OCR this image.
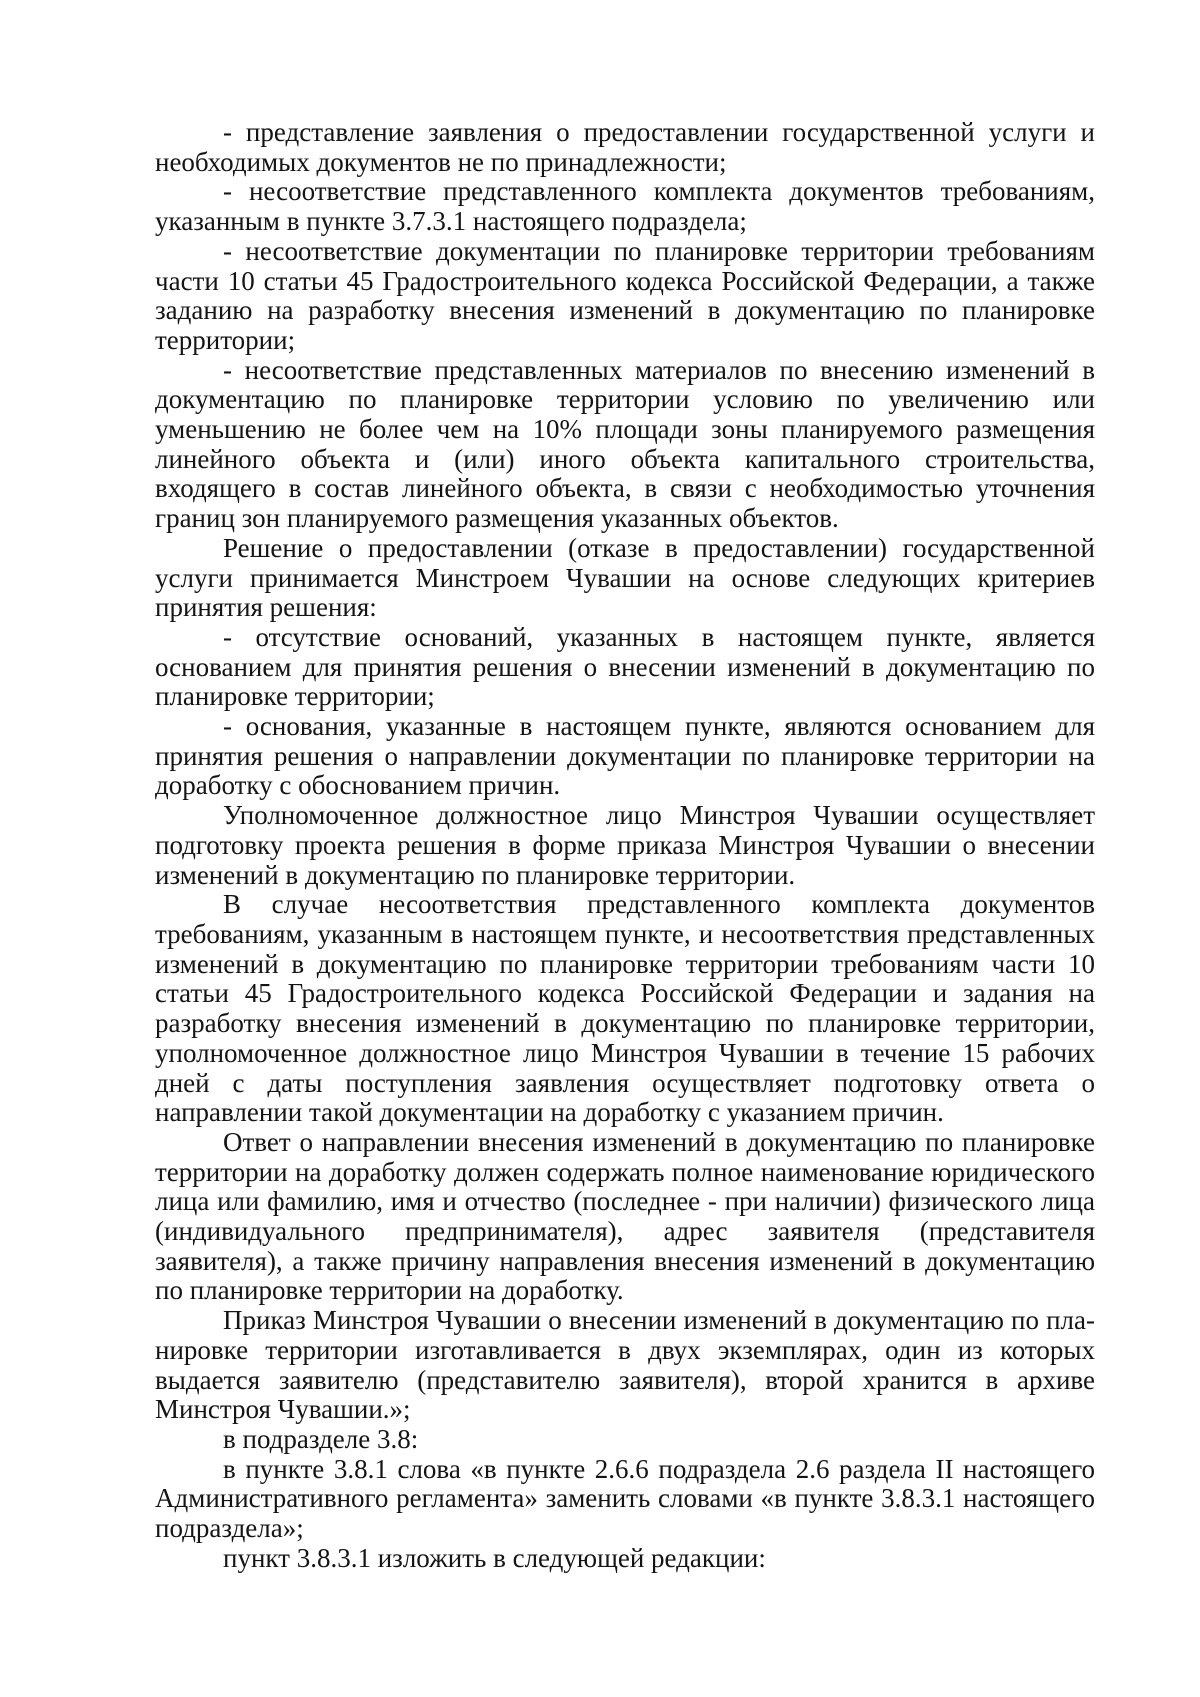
- представление заявления о предоставлении государственной услуги и необходимых документов не по принадлежности;

- несоответствие представленного комплекта документов требованиям, указанным в пункте 3.7.3.1 настоящего подраздела;

- несоответствие документации по планировке территории требованиям части 10 статьи 45 Градостроительного кодекса Российской Федерации, а также заданию на разработку внесения изменений в документацию по планировке территории;

- несоответствие представленных материалов по внесению изменений в документацию по планировке территории условию по увеличению или уменьшению не более чем на 10% площади зоны планируемого размещения линейного объекта и (или) иного объекта капитального строительства, входящего в состав линейного объекта, в связи с необходимостью уточнения границ зон планируемого размещения указанных объектов.

Решение о предоставлении (отказе в предоставлении) государственной услуги принимается Минстроем Чувашии на основе следующих критериев принятия решения:

- отсутствие оснований, указанных в настоящем пункте, является основанием для принятия решения о внесении изменений в документацию по планировке территории;

- основания, указанные в настоящем пункте, являются основанием для принятия решения о направлении документации по планировке территории на доработку с обоснованием причин.

Уполномоченное должностное лицо Минстроя Чувашии осуществляет подготовку проекта решения в форме приказа Минстроя Чувашии о внесении изменений в документацию по планировке территории.

В случае несоответствия представленного комплекта документов требованиям, указанным в настоящем пункте, и несоответствия представленных изменений в документацию по планировке территории требованиям части 10 статьи 45 Градостроительного кодекса Российской Федерации и задания на разработку внесения изменений в документацию по планировке территории, уполномоченное должностное лицо Минстроя Чувашии в течение 15 рабочих дней с даты поступления заявления осуществляет подготовку ответа о направлении такой документации на доработку с указанием причин.

Ответ о направлении внесения изменений в документацию по планировке территории на доработку должен содержать полное наименование юридического лица или фамилию, имя и отчество (последнее - при наличии) физического лица (индивидуального предпринимателя), адрес заявителя (представителя заявителя), а также причину направления внесения изменений в документацию по планировке территории на доработку.

Приказ Минстроя Чувашии о внесении изменений в документацию по планировке территории изготавливается в двух экземплярах, один из которых выдается заявителю (представителю заявителя), второй хранится в архиве Минстроя Чувашии.»;

в подразделе 3.8:

в пункте 3.8.1 слова «в пункте 2.6.6 подраздела 2.6 раздела II настоящего Административного регламента» заменить словами «в пункте 3.8.3.1 настоящего подраздела»;

пункт 3.8.3.1 изложить в следующей редакции:
